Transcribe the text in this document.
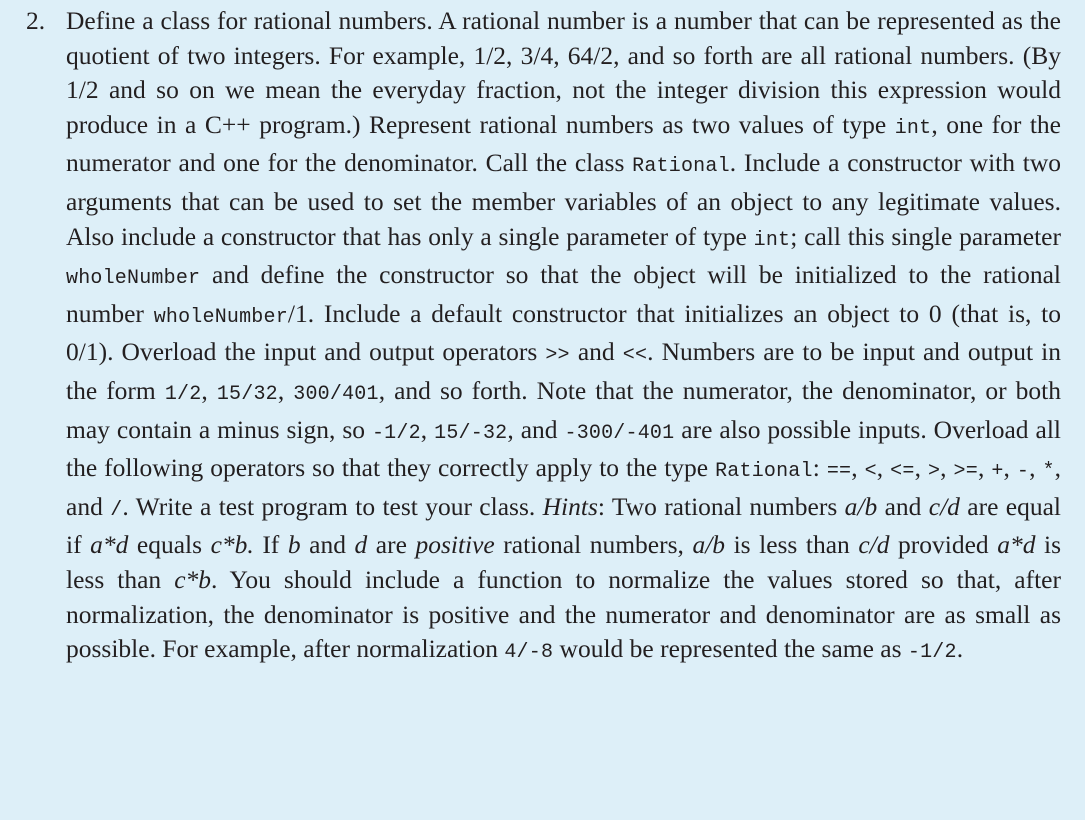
2. Define a class for rational numbers. A rational number is a number that can be represented as the quotient of two integers. For example, 1/2, 3/4, 64/2, and so forth are all rational numbers. (By 1/2 and so on we mean the everyday fraction, not the integer division this expression would produce in a C++ program.) Represent rational numbers as two values of type int, one for the numerator and one for the denominator. Call the class Rational. Include a constructor with two arguments that can be used to set the member variables of an object to any legitimate values. Also include a constructor that has only a single parameter of type int; call this single parameter wholeNumber and define the constructor so that the object will be initialized to the rational number wholeNumber/1. Include a default constructor that initializes an object to 0 (that is, to 0/1). Overload the input and output operators >> and <<. Numbers are to be input and output in the form 1/2, 15/32, 300/401, and so forth. Note that the numerator, the denominator, or both may contain a minus sign, so -1/2, 15/-32, and -300/-401 are also possible inputs. Overload all the following operators so that they correctly apply to the type Rational: ==, <, <=, >, >=, +, -, *, and /. Write a test program to test your class. Hints: Two rational numbers a/b and c/d are equal if a*d equals c*b. If b and d are positive rational numbers, a/b is less than c/d provided a*d is less than c*b. You should include a function to normalize the values stored so that, after normalization, the denominator is positive and the numerator and denominator are as small as possible. For example, after normalization 4/-8 would be represented the same as -1/2.
